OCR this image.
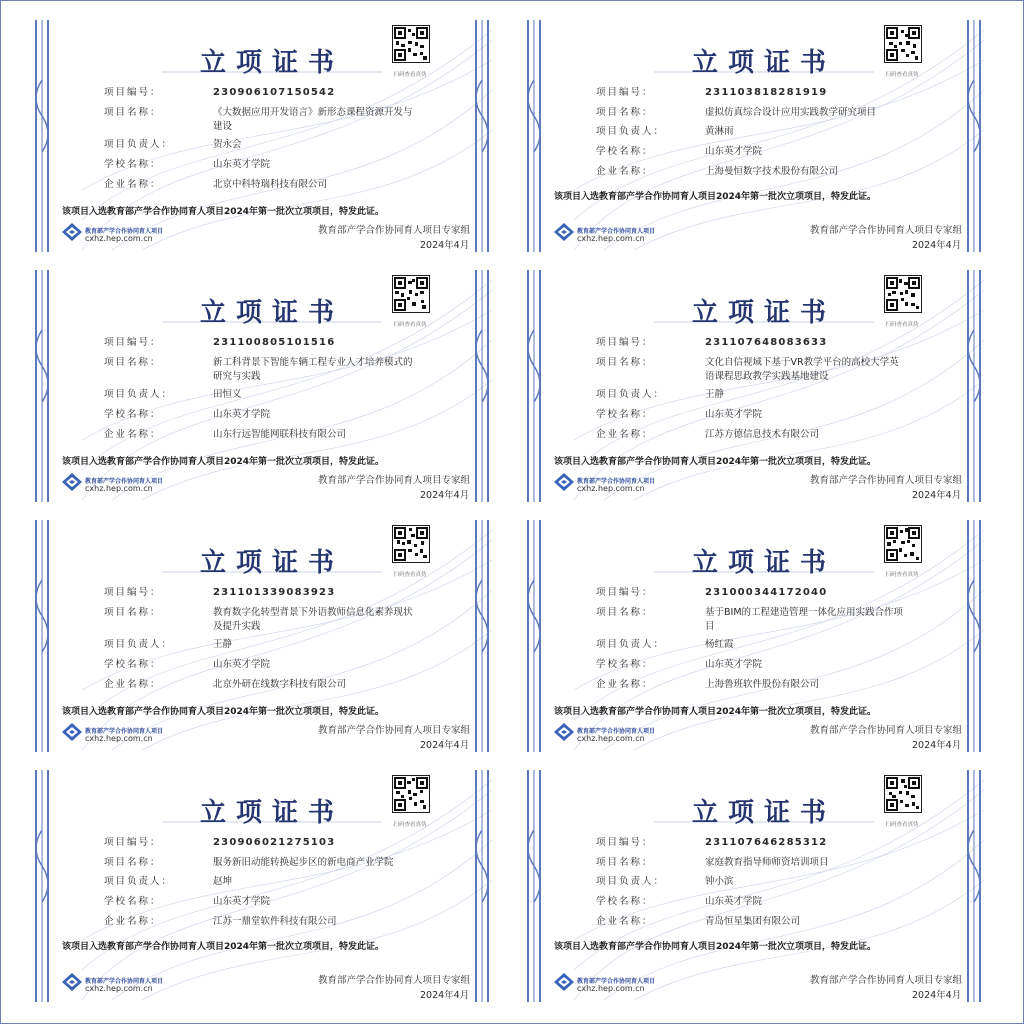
立项证书	扫码查看真伪
项目编号：	230906107150542
项目名称：	《大数据应用开发语言》新形态课程资源开发与
建设
项目负责人：	贺永会
学校名称：	山东英才学院
企业名称：	北京中科特瑞科技有限公司
该项目入选教育部产学合作协同育人项目2024年第一批次立项项目，特发此证。
教育部产学合作协同育人项目
cxhz.hep.com.cn
教育部产学合作协同育人项目专家组
2024年4月
立项证书	扫码查看真伪
项目编号：	231103818281919
项目名称：	虚拟仿真综合设计应用实践教学研究项目

项目负责人：	黄淋雨
学校名称：	山东英才学院
企业名称：	上海曼恒数字技术股份有限公司
该项目入选教育部产学合作协同育人项目2024年第一批次立项项目，特发此证。
教育部产学合作协同育人项目
cxhz.hep.com.cn
教育部产学合作协同育人项目专家组
2024年4月
立项证书	扫码查看真伪
项目编号：	231100805101516
项目名称：	新工科背景下智能车辆工程专业人才培养模式的
研究与实践
项目负责人：	田恒义
学校名称：	山东英才学院
企业名称：	山东行远智能网联科技有限公司
该项目入选教育部产学合作协同育人项目2024年第一批次立项项目，特发此证。
教育部产学合作协同育人项目
cxhz.hep.com.cn
教育部产学合作协同育人项目专家组
2024年4月
立项证书	扫码查看真伪
项目编号：	231107648083633
项目名称：	文化自信视域下基于VR教学平台的高校大学英
语课程思政教学实践基地建设
项目负责人：	王静
学校名称：	山东英才学院
企业名称：	江苏方德信息技术有限公司
该项目入选教育部产学合作协同育人项目2024年第一批次立项项目，特发此证。
教育部产学合作协同育人项目
cxhz.hep.com.cn
教育部产学合作协同育人项目专家组
2024年4月
立项证书	扫码查看真伪
项目编号：	231101339083923
项目名称：	教育数字化转型背景下外语教师信息化素养现状
及提升实践
项目负责人：	王静
学校名称：	山东英才学院
企业名称：	北京外研在线数字科技有限公司
该项目入选教育部产学合作协同育人项目2024年第一批次立项项目，特发此证。
教育部产学合作协同育人项目
cxhz.hep.com.cn
教育部产学合作协同育人项目专家组
2024年4月
立项证书	扫码查看真伪
项目编号：	231000344172040
项目名称：	基于BIM的工程建造管理一体化应用实践合作项
目
项目负责人：	杨红霞
学校名称：	山东英才学院
企业名称：	上海鲁班软件股份有限公司
该项目入选教育部产学合作协同育人项目2024年第一批次立项项目，特发此证。
教育部产学合作协同育人项目
cxhz.hep.com.cn
教育部产学合作协同育人项目专家组
2024年4月
立项证书	扫码查看真伪
项目编号：	230906021275103
项目名称：	服务新旧动能转换起步区的新电商产业学院

项目负责人：	赵坤
学校名称：	山东英才学院
企业名称：	江苏一鼎堂软件科技有限公司
该项目入选教育部产学合作协同育人项目2024年第一批次立项项目，特发此证。
教育部产学合作协同育人项目
cxhz.hep.com.cn
教育部产学合作协同育人项目专家组
2024年4月
立项证书	扫码查看真伪
项目编号：	231107646285312
项目名称：	家庭教育指导师师资培训项目

项目负责人：	钟小滨
学校名称：	山东英才学院
企业名称：	青岛恒星集团有限公司
该项目入选教育部产学合作协同育人项目2024年第一批次立项项目，特发此证。
教育部产学合作协同育人项目
cxhz.hep.com.cn
教育部产学合作协同育人项目专家组
2024年4月
